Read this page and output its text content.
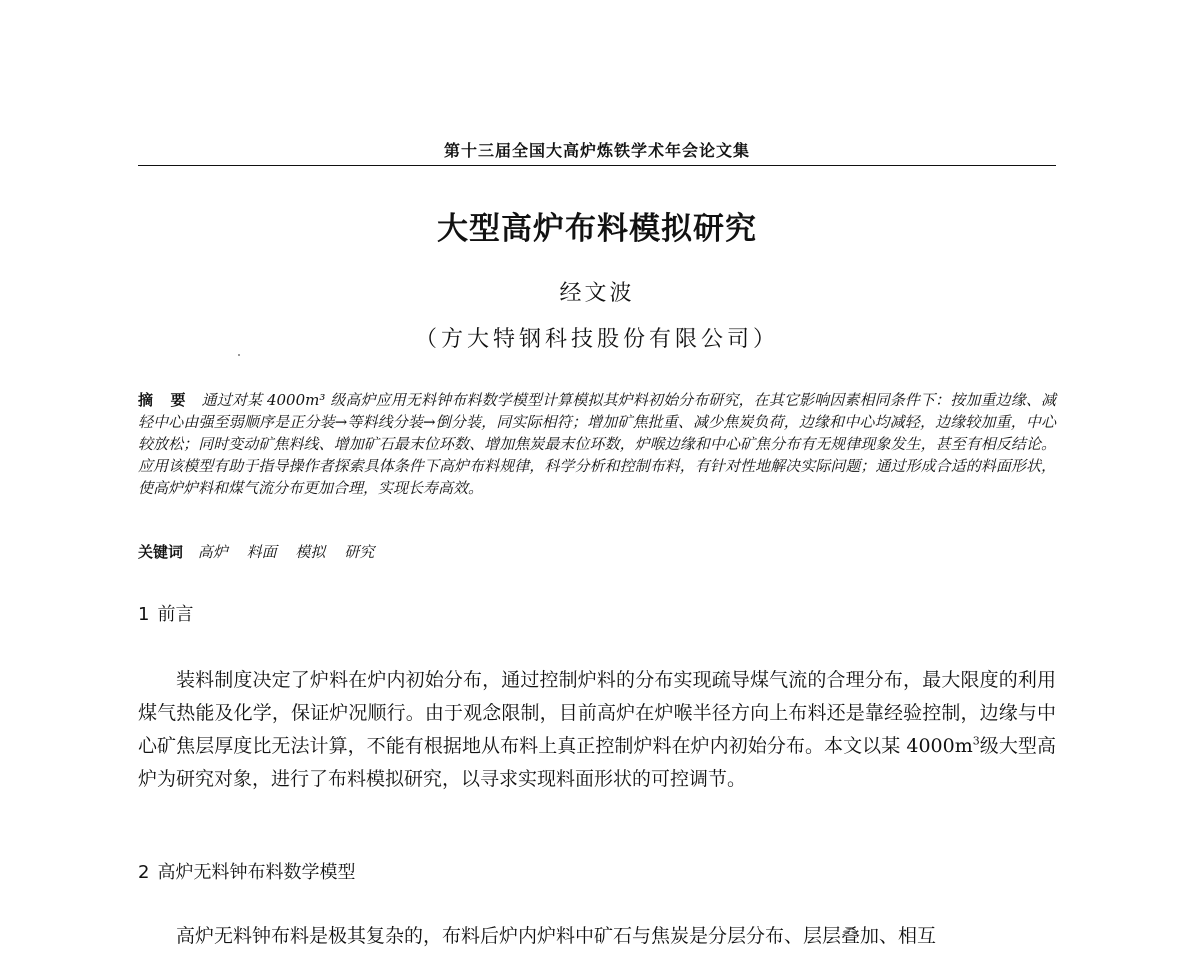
第十三届全国大高炉炼铁学术年会论文集
大型高炉布料模拟研究
经文波
（方大特钢科技股份有限公司）
摘 要 通过对某 4000m³ 级高炉应用无料钟布料数学模型计算模拟其炉料初始分布研究，在其它影响因素相同条件下：按加重边缘、减轻中心由强至弱顺序是正分装→等料线分装→倒分装，同实际相符；增加矿焦批重、减少焦炭负荷，边缘和中心均减轻，边缘较加重，中心较放松；同时变动矿焦料线、增加矿石最末位环数、增加焦炭最末位环数，炉喉边缘和中心矿焦分布有无规律现象发生，甚至有相反结论。应用该模型有助于指导操作者探索具体条件下高炉布料规律，科学分析和控制布料，有针对性地解决实际问题；通过形成合适的料面形状，使高炉炉料和煤气流分布更加合理，实现长寿高效。
关键词 高炉 料面 模拟 研究
1 前言
装料制度决定了炉料在炉内初始分布，通过控制炉料的分布实现疏导煤气流的合理分布，最大限度的利用煤气热能及化学，保证炉况顺行。由于观念限制，目前高炉在炉喉半径方向上布料还是靠经验控制，边缘与中心矿焦层厚度比无法计算，不能有根据地从布料上真正控制炉料在炉内初始分布。本文以某 $4000m^3$级大型高炉为研究对象，进行了布料模拟研究，以寻求实现料面形状的可控调节。
2 高炉无料钟布料数学模型
高炉无料钟布料是极其复杂的，布料后炉内炉料中矿石与焦炭是分层分布、层层叠加、相互
